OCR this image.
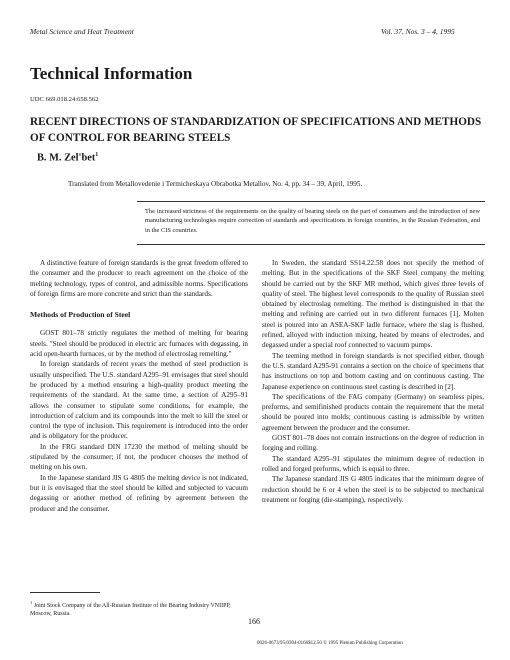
Metal Science and Heat Treatment	Vol. 37, Nos. 3 – 4, 1995
Technical Information
UDC 669.018.24:658.562
RECENT DIRECTIONS OF STANDARDIZATION OF SPECIFICATIONS AND METHODS OF CONTROL FOR BEARING STEELS
B. M. Zel'bet$^1$
Translated from Metallovedenie i Termicheskaya Obrabotka Metallov, No. 4, pp. 34 – 39, April, 1995.
The increased strictness of the requirements on the quality of bearing steels on the part of consumers and the introduction of new manufacturing technologies require correction of standards and specifications in foreign countries, in the Russian Federation, and in the CIS countries.

A distinctive feature of foreign standards is the great freedom offered to the consumer and the producer to reach agreement on the choice of the melting technology, types of control, and admissible norms. Specifications of foreign firms are more concrete and strict than the standards.

Methods of Production of Steel

GOST 801–78 strictly regulates the method of melting for bearing steels. "Steel should be produced in electric arc furnaces with degassing, in acid open-hearth furnaces, or by the method of electroslag remelting."

In foreign standards of recent years the method of steel production is usually unspecified. The U.S. standard A295–91 envisages that steel should be produced by a method ensuring a high-quality product meeting the requirements of the standard. At the same time, a section of A295–91 allows the consumer to stipulate some conditions, for example, the introduction of calcium and its compounds into the melt to kill the steel or control the type of inclusion. This requirement is introduced into the order and is obligatory for the producer.

In the FRG standard DIN 17230 the method of melting should be stipulated by the consumer; if not, the producer chooses the method of melting on his own.

In the Japanese standard JIS G 4805 the melting device is not indicated, but it is envisaged that the steel should be killed and subjected to vacuum degassing or another method of refining by agreement between the producer and the consumer.

In Sweden, the standard SS14.22.58 does not specify the method of melting. But in the specifications of the SKF Steel company the melting should be carried out by the SKF MR method, which gives three levels of quality of steel. The highest level corresponds to the quality of Russian steel obtained by electroslag remelting. The method is distinguished in that the melting and refining are carried out in two different furnaces [1]. Molten steel is poured into an ASEA-SKF ladle furnace, where the slag is flushed, refined, alloyed with induction mixing, heated by means of electrodes, and degassed under a special roof connected to vacuum pumps.

The teeming method in foreign standards is not specified either, though the U.S. standard A295-91 contains a section on the choice of specimens that has instructions on top and bottom casting and on continuous casting. The Japanese experience on continuous steel casting is described in [2].

The specifications of the FAG company (Germany) on seamless pipes, preforms, and semifinished products contain the requirement that the metal should be poured into molds; continuous casting is admissible by written agreement between the producer and the consumer.

GOST 801–78 does not contain instructions on the degree of reduction in forging and rolling.

The standard A295–91 stipulates the minimum degree of reduction in rolled and forged preforms, which is equal to three.

The Japanese standard JIS G 4805 indicates that the minimum degree of reduction should be 6 or 4 when the steel is to be subjected to mechanical treatment or forging (die-stamping), respectively.

$^1$ Joint Stock Company of the All-Russian Institute of the Bearing Industry VNIIPP, Moscow, Russia.
166
0026-0673/95/0304-0166$12.50 © 1995 Plenum Publishing Corporation
